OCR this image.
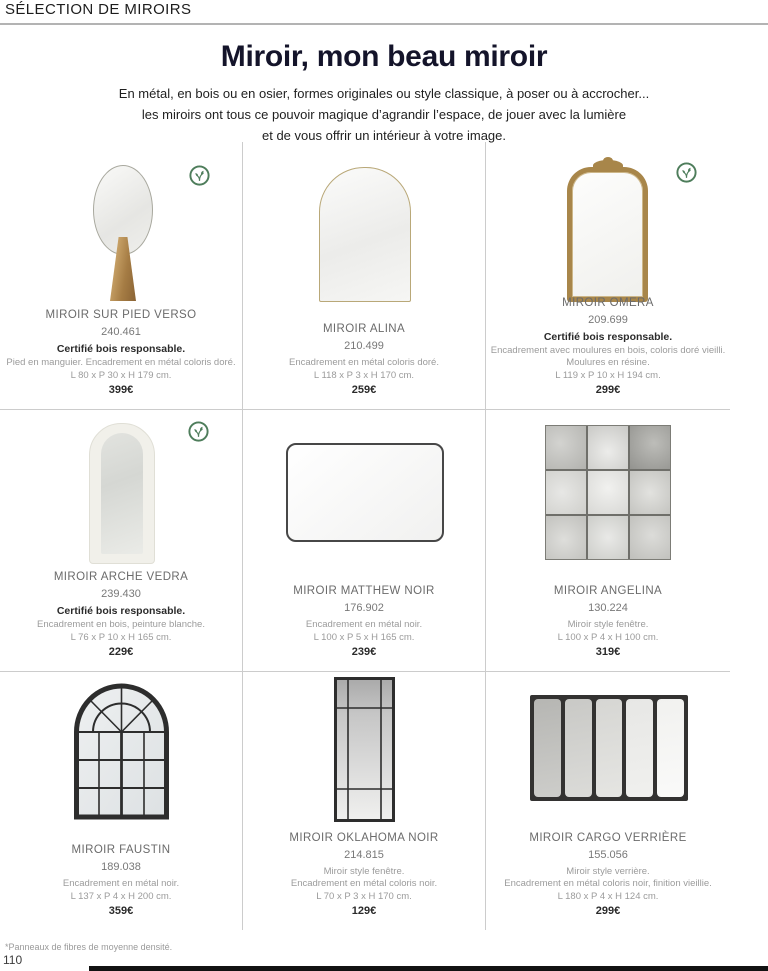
SÉLECTION DE MIROIRS
Miroir, mon beau miroir
En métal, en bois ou en osier, formes originales ou style classique, à poser ou à accrocher...
les miroirs ont tous ce pouvoir magique d’agrandir l’espace, de jouer avec la lumière
et de vous offrir un intérieur à votre image.
MIROIR SUR PIED VERSO
240.461
Certifié bois responsable.
Pied en manguier. Encadrement en métal coloris doré.
L 80 x P 30 x H 179 cm.
399€
MIROIR ALINA
210.499
Encadrement en métal coloris doré.
L 118 x P 3 x H 170 cm.
259€
MIROIR OMERA
209.699
Certifié bois responsable.
Encadrement avec moulures en bois, coloris doré vieilli.
Moulures en résine.
L 119 x P 10 x H 194 cm.
299€
MIROIR ARCHE VEDRA
239.430
Certifié bois responsable.
Encadrement en bois, peinture blanche.
L 76 x P 10 x H 165 cm.
229€
MIROIR MATTHEW NOIR
176.902
Encadrement en métal noir.
L 100 x P 5 x H 165 cm.
239€
MIROIR ANGELINA
130.224
Miroir style fenêtre.
L 100 x P 4 x H 100 cm.
319€
MIROIR FAUSTIN
189.038
Encadrement en métal noir.
L 137 x P 4 x H 200 cm.
359€
MIROIR OKLAHOMA NOIR
214.815
Miroir style fenêtre.
Encadrement en métal coloris noir.
L 70 x P 3 x H 170 cm.
129€
MIROIR CARGO VERRIÈRE
155.056
Miroir style verrière.
Encadrement en métal coloris noir, finition vieillie.
L 180 x P 4 x H 124 cm.
299€
*Panneaux de fibres de moyenne densité.
110
